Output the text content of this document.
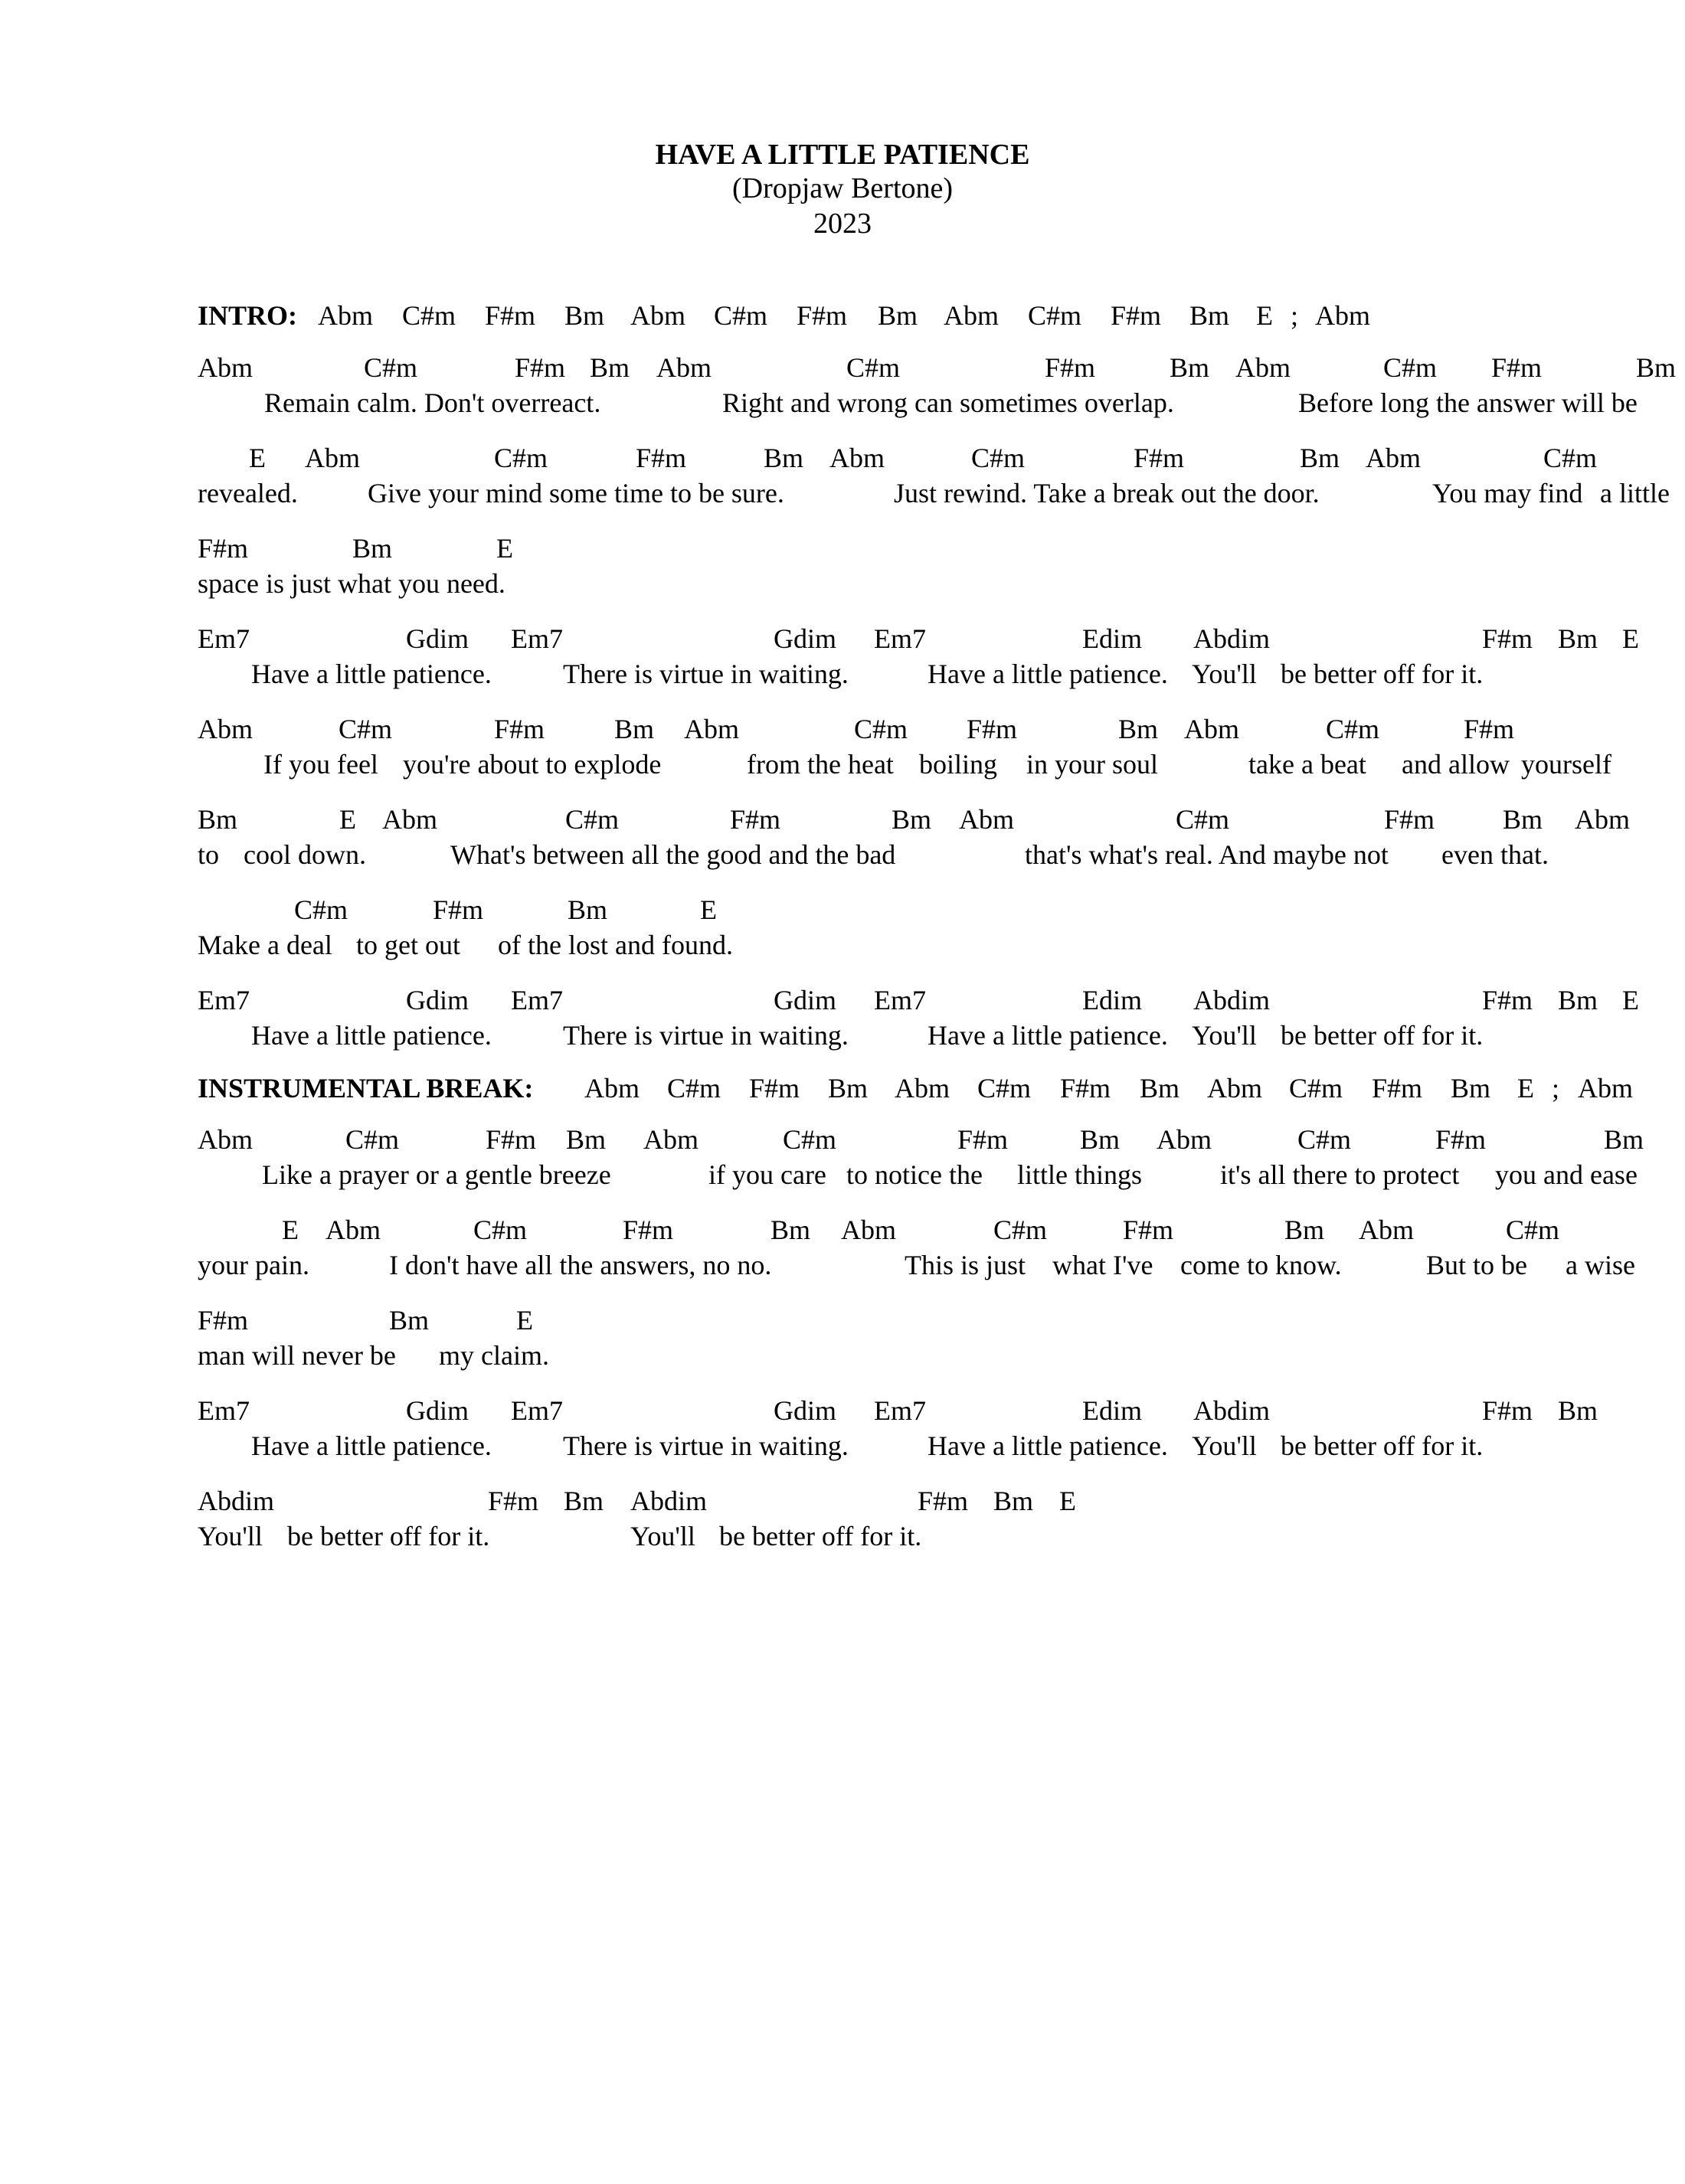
HAVE A LITTLE PATIENCE
(Dropjaw Bertone)
2023
INTRO: Abm C#m F#m Bm Abm C#m F#m Bm Abm C#m F#m Bm E ; Abm
Abm	C#m	F#m Bm Abm	C#m	F#m	Bm Abm	C#m F#m	Bm
Remain calm. Don't overreact.	Right and wrong can sometimes overlap.	Before long the answer will be
E Abm	C#m	F#m	Bm Abm	C#m	F#m	Bm Abm	C#m
revealed.	Give your mind some time to be sure.	Just rewind. Take a break out the door.	You may find a little
F#m	Bm	E
space is just what you need.
Em7	Gdim Em7	Gdim Em7	Edim Abdim	F#m Bm E
Have a little patience.	There is virtue in waiting.	Have a little patience. You'll be better off for it.
Abm	C#m	F#m	Bm Abm	C#m F#m	Bm Abm	C#m	F#m
If you feel you're about to explode	from the heat boiling in your soul	take a beat and allow yourself
Bm	E Abm	C#m	F#m	Bm Abm	C#m	F#m Bm Abm
to cool down.	What's between all the good and the bad	that's what's real. And maybe not even that.
C#m	F#m	Bm	E
Make a deal to get out of the lost and found.
Em7	Gdim Em7	Gdim Em7	Edim Abdim	F#m Bm E
Have a little patience.	There is virtue in waiting.	Have a little patience. You'll be better off for it.
INSTRUMENTAL BREAK: Abm C#m F#m Bm Abm C#m F#m Bm Abm C#m F#m Bm E ; Abm
Abm	C#m	F#m Bm Abm	C#m	F#m	Bm Abm	C#m	F#m	Bm
Like a prayer or a gentle breeze	if you care to notice the little things	it's all there to protect you and ease
E Abm	C#m	F#m	Bm Abm	C#m	F#m	Bm Abm	C#m
your pain.	I don't have all the answers, no no.	This is just what I've come to know.	But to be a wise
F#m	Bm	E
man will never be my claim.
Em7	Gdim Em7	Gdim Em7	Edim Abdim	F#m Bm
Have a little patience.	There is virtue in waiting.	Have a little patience. You'll be better off for it.
Abdim	F#m Bm Abdim	F#m Bm E
You'll be better off for it.	You'll be better off for it.
